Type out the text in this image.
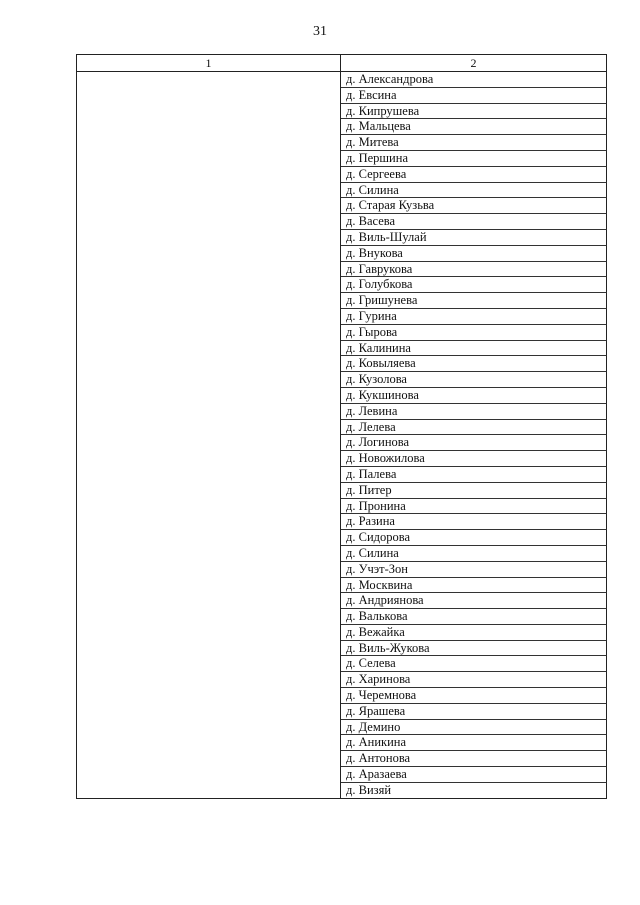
31
1	2
д. Александрова
д. Евсина
д. Кипрушева
д. Мальцева
д. Митева
д. Першина
д. Сергеева
д. Силина
д. Старая Кузьва
д. Васева
д. Виль-Шулай
д. Внукова
д. Гаврукова
д. Голубкова
д. Гришунева
д. Гурина
д. Гырова
д. Калинина
д. Ковыляева
д. Кузолова
д. Кукшинова
д. Левина
д. Лелева
д. Логинова
д. Новожилова
д. Палева
д. Питер
д. Пронина
д. Разина
д. Сидорова
д. Силина
д. Учэт-Зон
д. Москвина
д. Андриянова
д. Валькова
д. Вежайка
д. Виль-Жукова
д. Селева
д. Харинова
д. Черемнова
д. Ярашева
д. Демино
д. Аникина
д. Антонова
д. Аразаева
д. Визяй
